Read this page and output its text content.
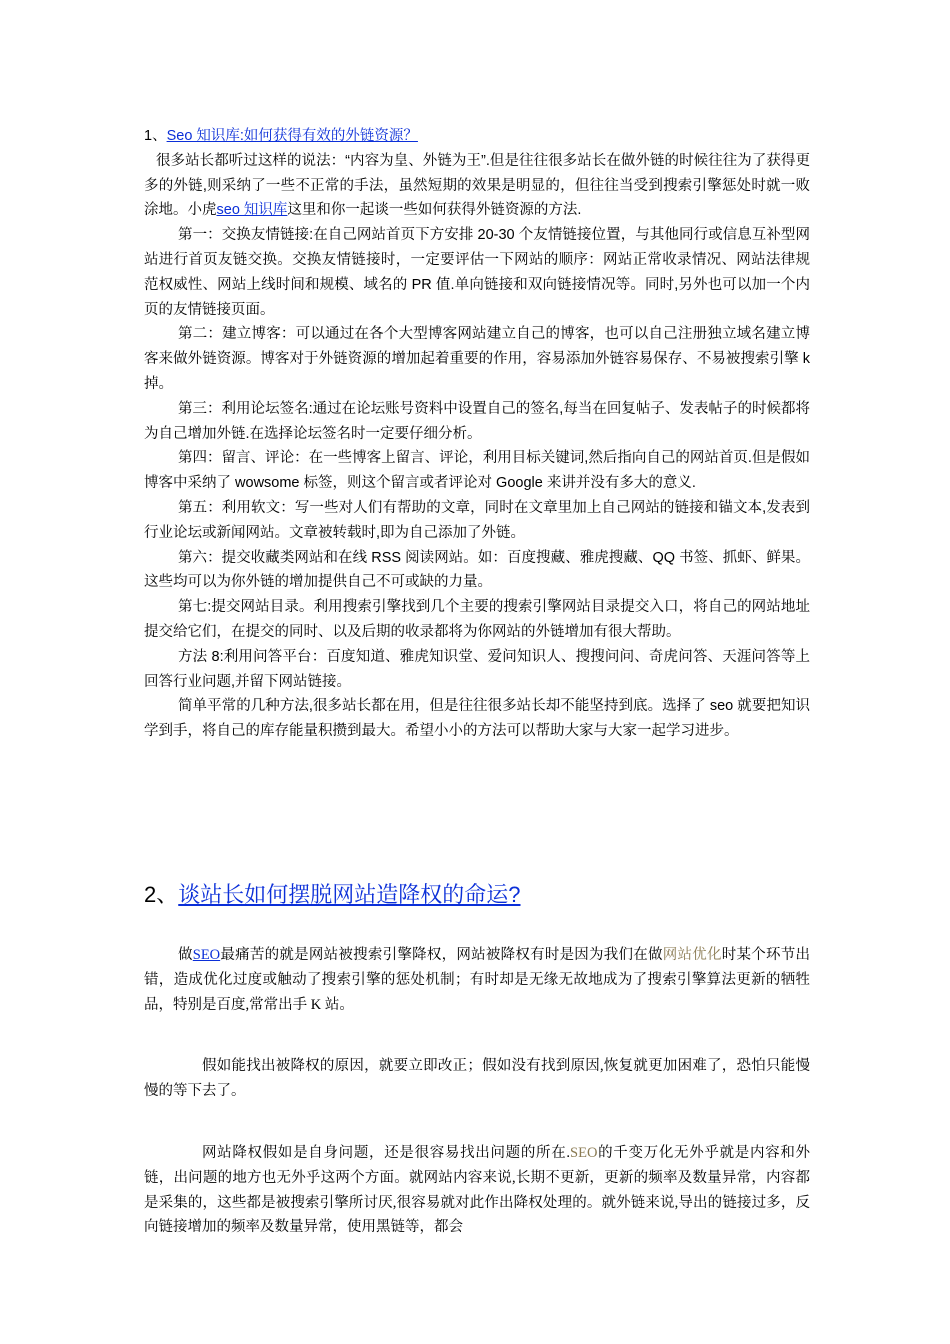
1、Seo 知识库:如何获得有效的外链资源？

很多站长都听过这样的说法：“内容为皇、外链为王”.但是往往很多站长在做外链的时候往往为了获得更多的外链,则采纳了一些不正常的手法，虽然短期的效果是明显的，但往往当受到搜索引擎惩处时就一败涂地。小虎seo 知识库这里和你一起谈一些如何获得外链资源的方法.

第一：交换友情链接:在自己网站首页下方安排 20-30 个友情链接位置，与其他同行或信息互补型网站进行首页友链交换。交换友情链接时，一定要评估一下网站的顺序：网站正常收录情况、网站法律规范权威性、网站上线时间和规模、域名的 PR 值.单向链接和双向链接情况等。同时,另外也可以加一个内页的友情链接页面。

第二：建立博客：可以通过在各个大型博客网站建立自己的博客，也可以自己注册独立域名建立博客来做外链资源。博客对于外链资源的增加起着重要的作用，容易添加外链容易保存、不易被搜索引擎 k 掉。

第三：利用论坛签名:通过在论坛账号资料中设置自己的签名,每当在回复帖子、发表帖子的时候都将为自己增加外链.在选择论坛签名时一定要仔细分析。

第四：留言、评论：在一些博客上留言、评论，利用目标关键词,然后指向自己的网站首页.但是假如博客中采纳了 wowsome 标签，则这个留言或者评论对 Google 来讲并没有多大的意义.

第五：利用软文：写一些对人们有帮助的文章，同时在文章里加上自己网站的链接和锚文本,发表到行业论坛或新闻网站。文章被转载时,即为自己添加了外链。

第六：提交收藏类网站和在线 RSS 阅读网站。如：百度搜藏、雅虎搜藏、QQ 书签、抓虾、鲜果。这些均可以为你外链的增加提供自己不可或缺的力量。

第七:提交网站目录。利用搜索引擎找到几个主要的搜索引擎网站目录提交入口，将自己的网站地址提交给它们，在提交的同时、以及后期的收录都将为你网站的外链增加有很大帮助。

方法 8:利用问答平台：百度知道、雅虎知识堂、爱问知识人、搜搜问问、奇虎问答、天涯问答等上回答行业问题,并留下网站链接。

简单平常的几种方法,很多站长都在用，但是往往很多站长却不能坚持到底。选择了 seo 就要把知识学到手，将自己的库存能量积攒到最大。希望小小的方法可以帮助大家与大家一起学习进步。

2、谈站长如何摆脱网站造降权的命运?

做SEO最痛苦的就是网站被搜索引擎降权，网站被降权有时是因为我们在做网站优化时某个环节出错，造成优化过度或触动了搜索引擎的惩处机制；有时却是无缘无故地成为了搜索引擎算法更新的牺牲品，特别是百度,常常出手 K 站。

假如能找出被降权的原因，就要立即改正；假如没有找到原因,恢复就更加困难了，恐怕只能慢慢的等下去了。

网站降权假如是自身问题，还是很容易找出问题的所在.SEO的千变万化无外乎就是内容和外链，出问题的地方也无外乎这两个方面。就网站内容来说,长期不更新，更新的频率及数量异常，内容都是采集的，这些都是被搜索引擎所讨厌,很容易就对此作出降权处理的。就外链来说,导出的链接过多，反向链接增加的频率及数量异常，使用黑链等，都会
